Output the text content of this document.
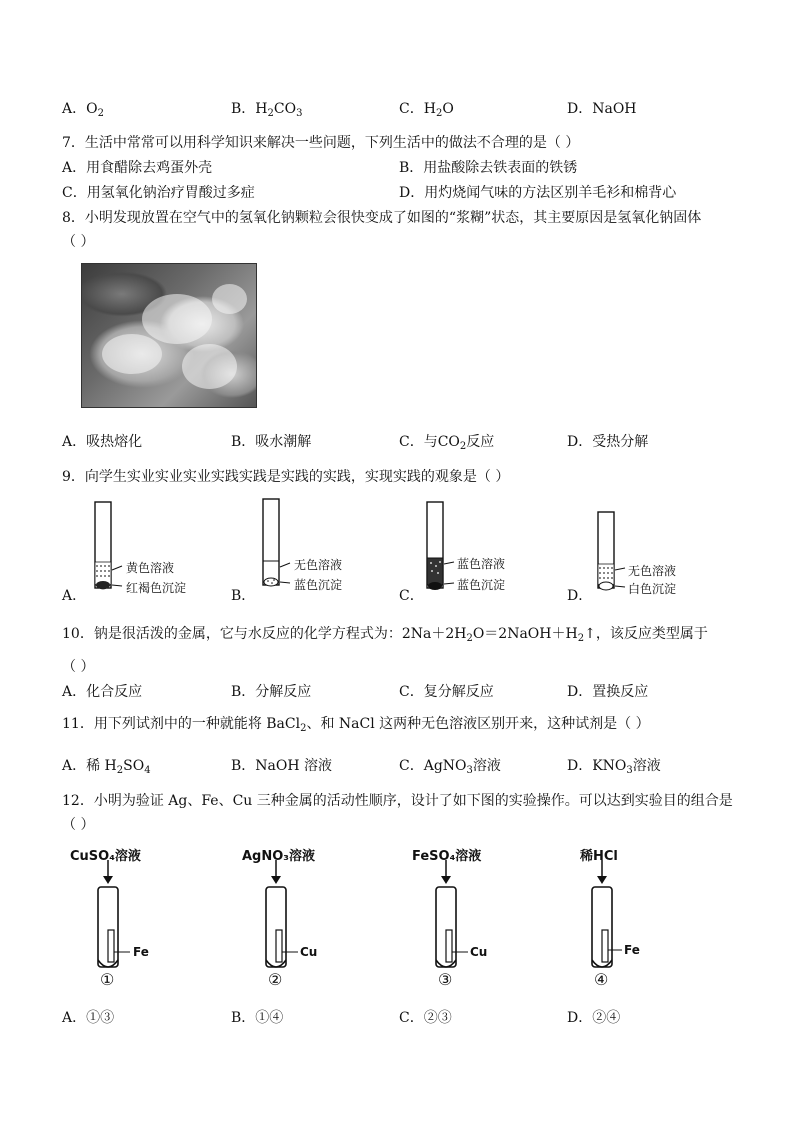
A．$O_2$	B．$H_2CO_3$	C．$H_2O$	D．NaOH
7．生活中常常可以用科学知识来解决一些问题，下列生活中的做法不合理的是（ ）
A．用食醋除去鸡蛋外壳	B．用盐酸除去铁表面的铁锈
C．用氢氧化钠治疗胃酸过多症	D．用灼烧闻气味的方法区别羊毛衫和棉背心
8．小明发现放置在空气中的氢氧化钠颗粒会很快变成了如图的“浆糊”状态，其主要原因是氢氧化钠固体
（ ）
A．吸热熔化	B．吸水潮解	C．与$CO_2$反应	D．受热分解
9．向学生实业实业实业实践实践是实践的实践，实现实践的观象是（ ）
黄色溶液
红褐色沉淀
A．
无色溶液
蓝色沉淀
B．
蓝色溶液
蓝色沉淀
C．
无色溶液
白色沉淀
D．
10．钠是很活泼的金属，它与水反应的化学方程式为：$2Na+2H_2O=2NaOH+H_2↑$，该反应类型属于
（ ）
A．化合反应	B．分解反应	C．复分解反应	D．置换反应
11．用下列试剂中的一种就能将 BaCl$_2$、和 NaCl 这两种无色溶液区别开来，这种试剂是（ ）
A．稀 $H_2SO_4$	B．NaOH 溶液	C．AgNO$_3$溶液	D．$KNO_3$溶液
12．小明为验证 Ag、Fe、Cu 三种金属的活动性顺序，设计了如下图的实验操作。可以达到实验目的组合是
（ ）
CuSO₄溶液
Fe
①
AgNO₃溶液
Cu
②
FeSO₄溶液
Cu
③
稀HCl
Fe
④
A．①③	B．①④	C．②③	D．②④
